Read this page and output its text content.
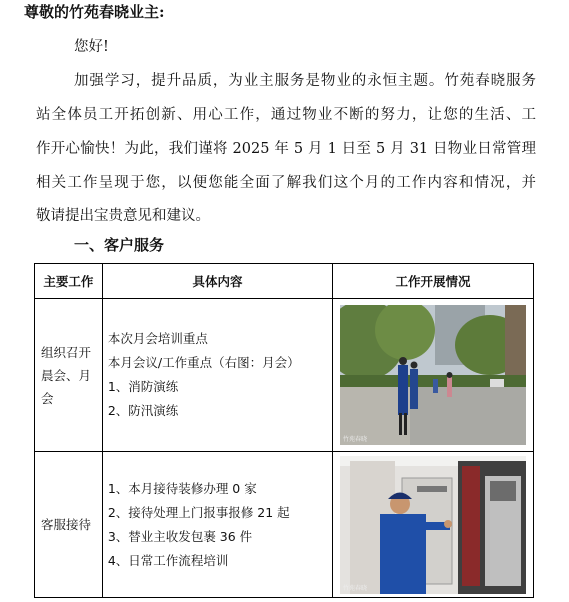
尊敬的竹苑春晓业主:
您好!
加强学习，提升品质，为业主服务是物业的永恒主题。竹苑春晓服务
站全体员工开拓创新、用心工作，通过物业不断的努力，让您的生活、工
作开心愉快！为此，我们谨将 2025 年 5 月 1 日至 5 月 31 日物业日常管理
相关工作呈现于您，以便您能全面了解我们这个月的工作内容和情况，并
敬请提出宝贵意见和建议。
一、客户服务
主要工作	具体内容	工作开展情况

组织召开晨会、月会	本次月会培训重点
本月会议/工作重点（右图：月会）
1、消防演练
2、防汛演练	竹苑春晓

客服接待	1、本月接待装修办理 0 家
2、接待处理上门报事报修 21 起
3、替业主收发包裹 36 件
4、日常工作流程培训	竹苑春晓
